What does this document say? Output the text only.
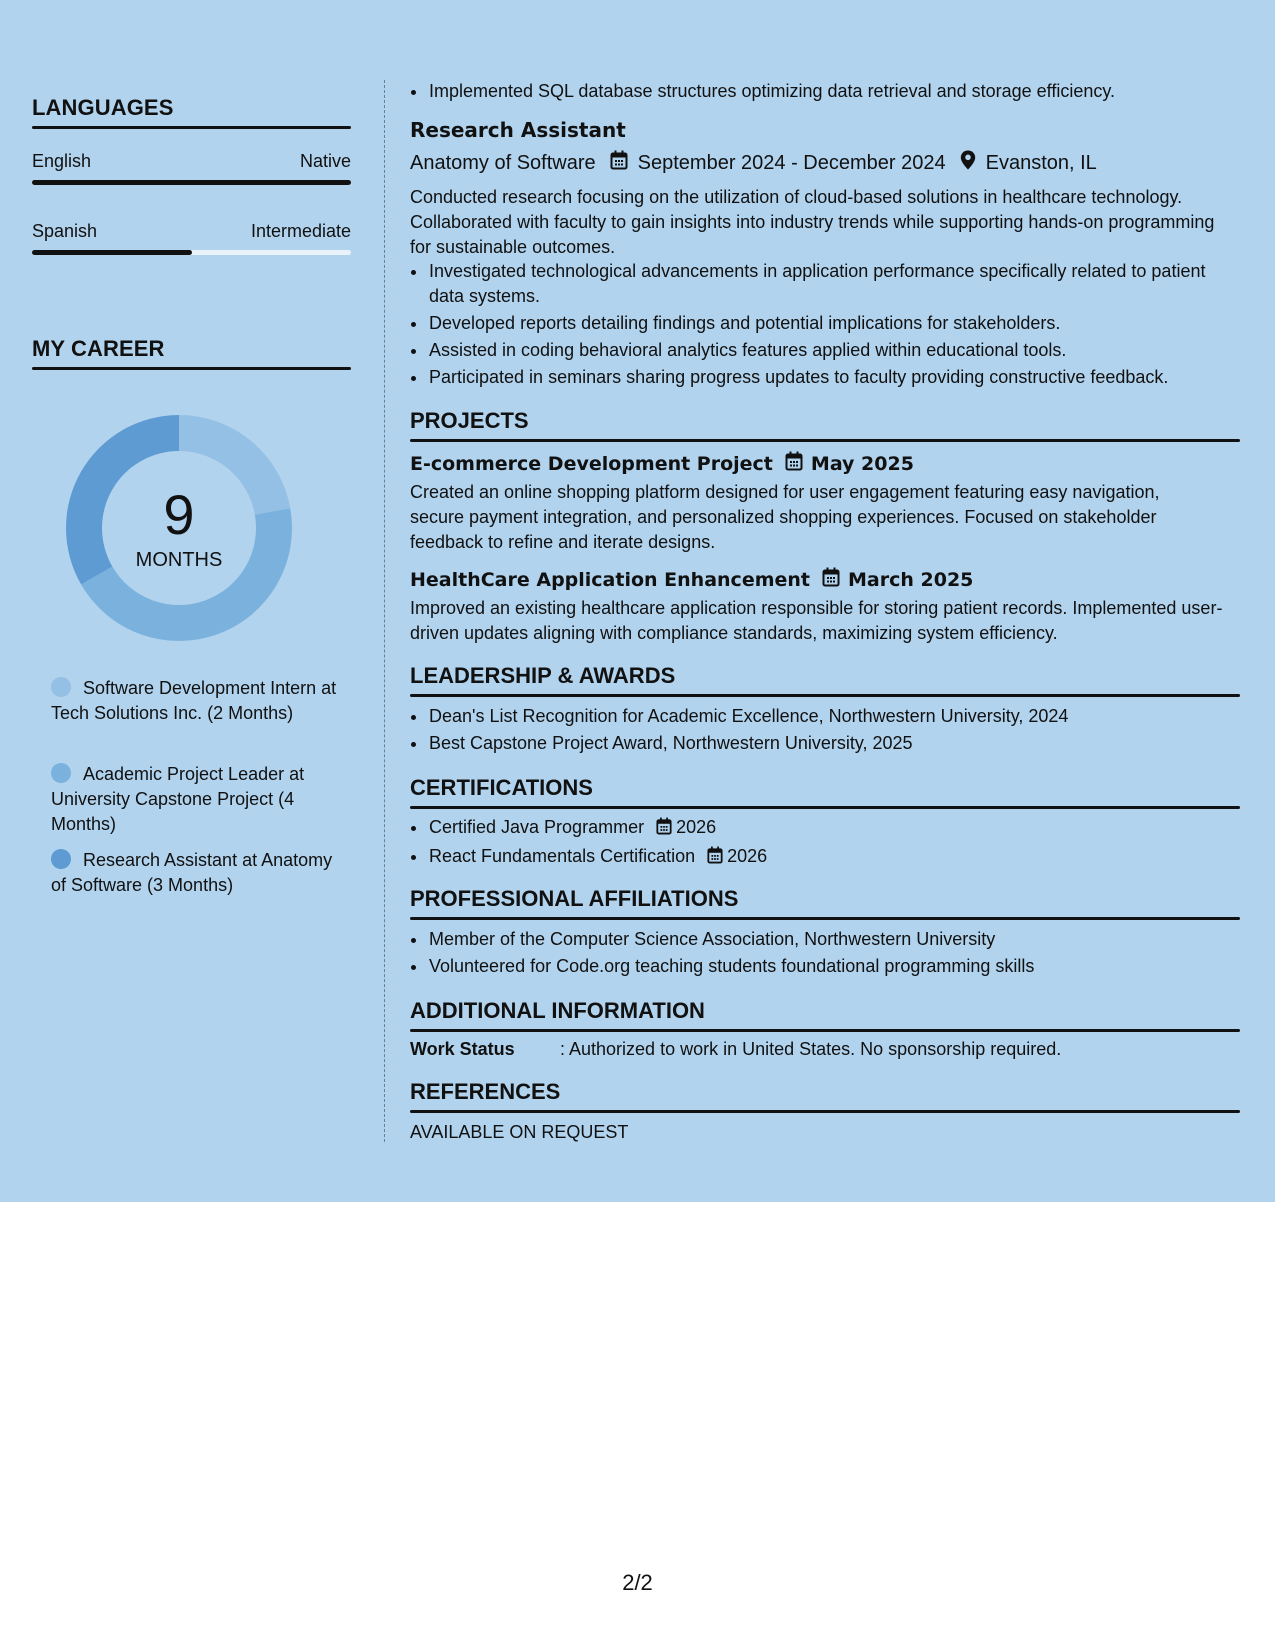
LANGUAGES
English	Native
Spanish	Intermediate
MY CAREER
9
MONTHS
Software Development Intern at Tech Solutions Inc. (2 Months)
Academic Project Leader at University Capstone Project (4 Months)
Research Assistant at Anatomy of Software (3 Months)
• Implemented SQL database structures optimizing data retrieval and storage efficiency.
Research Assistant
Anatomy of Software September 2024 - December 2024 Evanston, IL
Conducted research focusing on the utilization of cloud-based solutions in healthcare technology. Collaborated with faculty to gain insights into industry trends while supporting hands-on programming for sustainable outcomes.
• Investigated technological advancements in application performance specifically related to patient data systems.
• Developed reports detailing findings and potential implications for stakeholders.
• Assisted in coding behavioral analytics features applied within educational tools.
• Participated in seminars sharing progress updates to faculty providing constructive feedback.
PROJECTS
E-commerce Development Project May 2025
Created an online shopping platform designed for user engagement featuring easy navigation, secure payment integration, and personalized shopping experiences. Focused on stakeholder feedback to refine and iterate designs.
HealthCare Application Enhancement March 2025
Improved an existing healthcare application responsible for storing patient records. Implemented user-driven updates aligning with compliance standards, maximizing system efficiency.
LEADERSHIP & AWARDS
• Dean's List Recognition for Academic Excellence, Northwestern University, 2024
• Best Capstone Project Award, Northwestern University, 2025
CERTIFICATIONS
• Certified Java Programmer 2026
• React Fundamentals Certification 2026
PROFESSIONAL AFFILIATIONS
• Member of the Computer Science Association, Northwestern University
• Volunteered for Code.org teaching students foundational programming skills
ADDITIONAL INFORMATION
Work Status	: Authorized to work in United States. No sponsorship required.
REFERENCES
AVAILABLE ON REQUEST
2/2
